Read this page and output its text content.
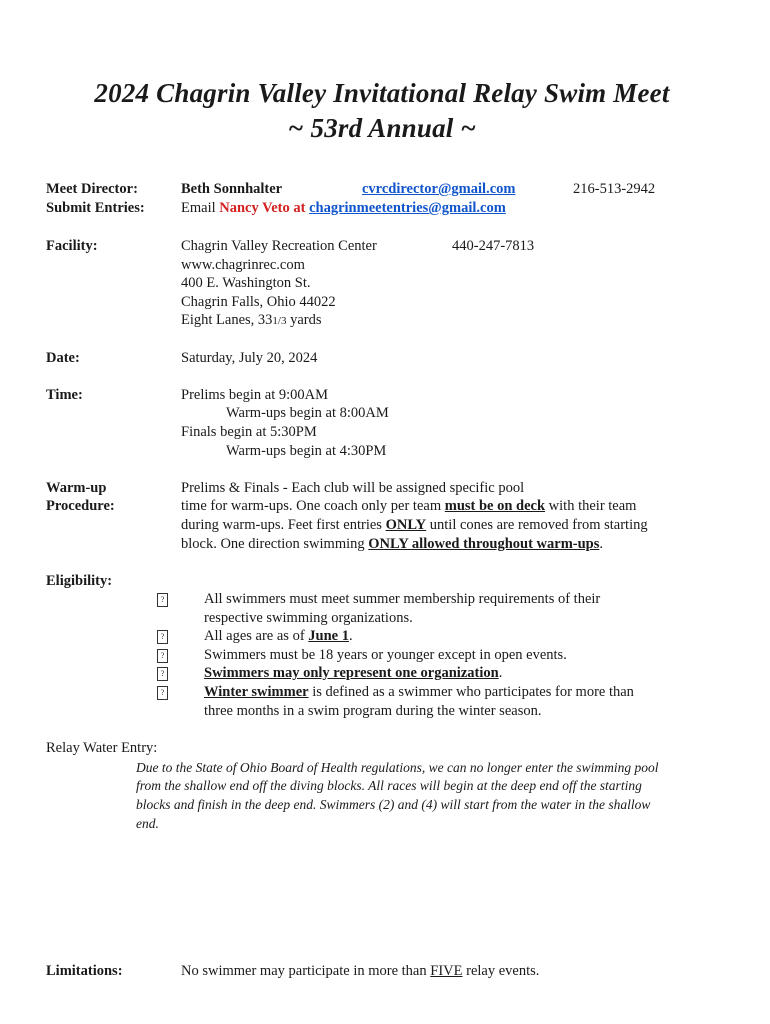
2024 Chagrin Valley Invitational Relay Swim Meet
~ 53rd Annual ~
Meet Director:	Beth Sonnhalter	cvrcdirector@gmail.com	216-513-2942
Submit Entries:	Email Nancy Veto at chagrinmeetentries@gmail.com
Facility:	Chagrin Valley Recreation Center	440-247-7813
www.chagrinrec.com
400 E. Washington St.
Chagrin Falls, Ohio 44022
Eight Lanes, 331/3 yards
Date:	Saturday, July 20, 2024
Time:	Prelims begin at 9:00AM
Warm-ups begin at 8:00AM
Finals begin at 5:30PM
Warm-ups begin at 4:30PM
Warm-up
Procedure:
Prelims & Finals - Each club will be assigned specific pool
time for warm-ups. One coach only per team must be on deck with their team
during warm-ups. Feet first entries ONLY until cones are removed from starting
block. One direction swimming ONLY allowed throughout warm-ups.
Eligibility:
?	All swimmers must meet summer membership requirements of their
respective swimming organizations.
?	All ages are as of June 1.
?	Swimmers must be 18 years or younger except in open events.
?	Swimmers may only represent one organization.
?	Winter swimmer is defined as a swimmer who participates for more than
three months in a swim program during the winter season.
Relay Water Entry:
Due to the State of Ohio Board of Health regulations, we can no longer enter the swimming pool
from the shallow end off the diving blocks. All races will begin at the deep end off the starting
blocks and finish in the deep end. Swimmers (2) and (4) will start from the water in the shallow
end.
Limitations:	No swimmer may participate in more than FIVE relay events.
